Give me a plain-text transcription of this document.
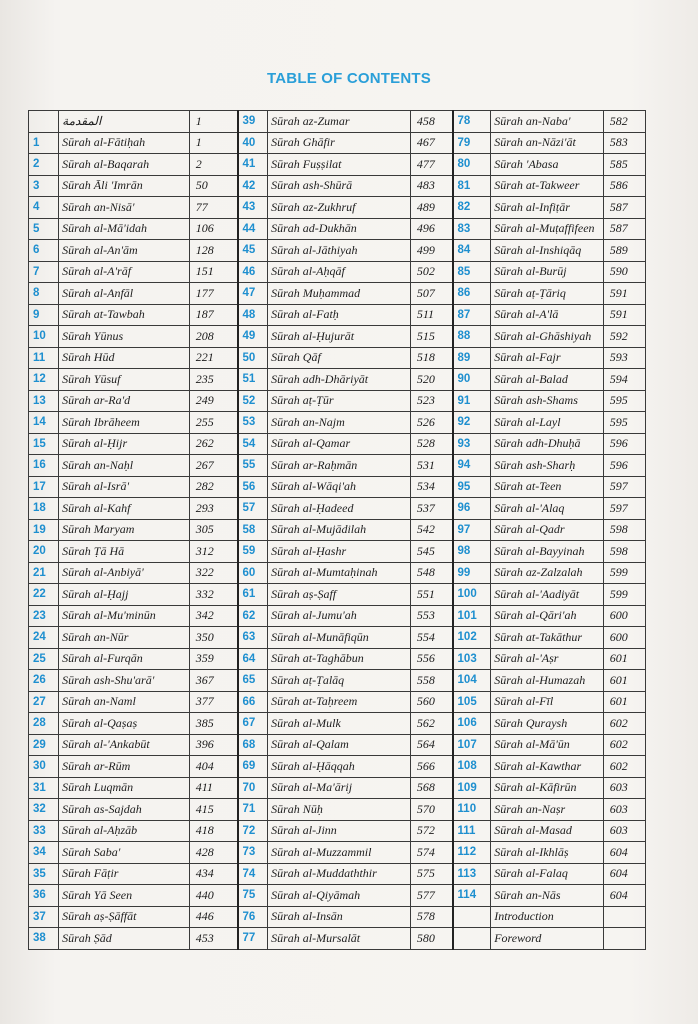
TABLE OF CONTENTS
	المقدمة	1	39	Sūrah az-Zumar	458	78	Sūrah an-Naba'	582
1	Sūrah al-Fātiḥah	1	40	Sūrah Ghāfir	467	79	Sūrah an-Nāzi'āt	583
2	Sūrah al-Baqarah	2	41	Sūrah Fuṣṣilat	477	80	Sūrah 'Abasa	585
3	Sūrah Āli 'Imrān	50	42	Sūrah ash-Shūrā	483	81	Sūrah at-Takweer	586
4	Sūrah an-Nisā'	77	43	Sūrah az-Zukhruf	489	82	Sūrah al-Infiṭār	587
5	Sūrah al-Mā'idah	106	44	Sūrah ad-Dukhān	496	83	Sūrah al-Muṭaffifeen	587
6	Sūrah al-An'ām	128	45	Sūrah al-Jāthiyah	499	84	Sūrah al-Inshiqāq	589
7	Sūrah al-A'rāf	151	46	Sūrah al-Aḥqāf	502	85	Sūrah al-Burūj	590
8	Sūrah al-Anfāl	177	47	Sūrah Muḥammad	507	86	Sūrah aṭ-Ṭāriq	591
9	Sūrah at-Tawbah	187	48	Sūrah al-Fatḥ	511	87	Sūrah al-A'lā	591
10	Sūrah Yūnus	208	49	Sūrah al-Ḥujurāt	515	88	Sūrah al-Ghāshiyah	592
11	Sūrah Hūd	221	50	Sūrah Qāf	518	89	Sūrah al-Fajr	593
12	Sūrah Yūsuf	235	51	Sūrah adh-Dhāriyāt	520	90	Sūrah al-Balad	594
13	Sūrah ar-Ra'd	249	52	Sūrah aṭ-Ṭūr	523	91	Sūrah ash-Shams	595
14	Sūrah Ibrāheem	255	53	Sūrah an-Najm	526	92	Sūrah al-Layl	595
15	Sūrah al-Ḥijr	262	54	Sūrah al-Qamar	528	93	Sūrah adh-Dhuḥā	596
16	Sūrah an-Naḥl	267	55	Sūrah ar-Raḥmān	531	94	Sūrah ash-Sharḥ	596
17	Sūrah al-Isrā'	282	56	Sūrah al-Wāqi'ah	534	95	Sūrah at-Teen	597
18	Sūrah al-Kahf	293	57	Sūrah al-Ḥadeed	537	96	Sūrah al-'Alaq	597
19	Sūrah Maryam	305	58	Sūrah al-Mujādilah	542	97	Sūrah al-Qadr	598
20	Sūrah Ṭā Hā	312	59	Sūrah al-Ḥashr	545	98	Sūrah al-Bayyinah	598
21	Sūrah al-Anbiyā'	322	60	Sūrah al-Mumtaḥinah	548	99	Sūrah az-Zalzalah	599
22	Sūrah al-Ḥajj	332	61	Sūrah aṣ-Ṣaff	551	100	Sūrah al-'Aadiyāt	599
23	Sūrah al-Mu'minūn	342	62	Sūrah al-Jumu'ah	553	101	Sūrah al-Qāri'ah	600
24	Sūrah an-Nūr	350	63	Sūrah al-Munāfiqūn	554	102	Sūrah at-Takāthur	600
25	Sūrah al-Furqān	359	64	Sūrah at-Taghābun	556	103	Sūrah al-'Aṣr	601
26	Sūrah ash-Shu'arā'	367	65	Sūrah aṭ-Ṭalāq	558	104	Sūrah al-Humazah	601
27	Sūrah an-Naml	377	66	Sūrah at-Taḥreem	560	105	Sūrah al-Fīl	601
28	Sūrah al-Qaṣaṣ	385	67	Sūrah al-Mulk	562	106	Sūrah Quraysh	602
29	Sūrah al-'Ankabūt	396	68	Sūrah al-Qalam	564	107	Sūrah al-Mā'ūn	602
30	Sūrah ar-Rūm	404	69	Sūrah al-Ḥāqqah	566	108	Sūrah al-Kawthar	602
31	Sūrah Luqmān	411	70	Sūrah al-Ma'ārij	568	109	Sūrah al-Kāfirūn	603
32	Sūrah as-Sajdah	415	71	Sūrah Nūḥ	570	110	Sūrah an-Naṣr	603
33	Sūrah al-Aḥzāb	418	72	Sūrah al-Jinn	572	111	Sūrah al-Masad	603
34	Sūrah Saba'	428	73	Sūrah al-Muzzammil	574	112	Sūrah al-Ikhlāṣ	604
35	Sūrah Fāṭir	434	74	Sūrah al-Muddaththir	575	113	Sūrah al-Falaq	604
36	Sūrah Yā Seen	440	75	Sūrah al-Qiyāmah	577	114	Sūrah an-Nās	604
37	Sūrah aṣ-Ṣāffāt	446	76	Sūrah al-Insān	578		Introduction	
38	Sūrah Ṣād	453	77	Sūrah al-Mursalāt	580		Foreword	
